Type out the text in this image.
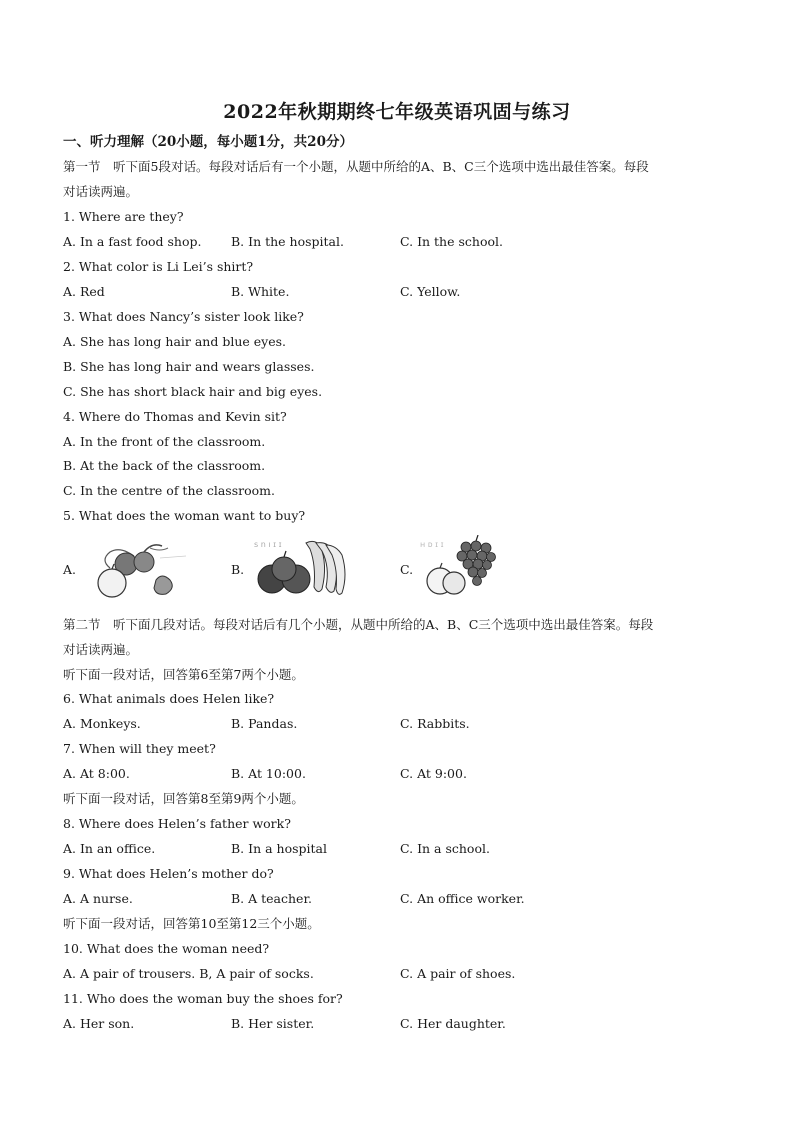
2022年秋期期终七年级英语巩固与练习
一、听力理解（20小题，每小题1分，共20分）
第一节　听下面5段对话。每段对话后有一个小题，从题中所给的A、B、C三个选项中选出最佳答案。每段
对话读两遍。
1. Where are they?
A. In a fast food shop. B. In the hospital.	C. In the school.
2. What color is Li Lei’s shirt?
A. Red	B. White.	C. Yellow.
3. What does Nancy’s sister look like?
A. She has long hair and blue eyes.
B. She has long hair and wears glasses.
C. She has short black hair and big eyes.
4. Where do Thomas and Kevin sit?
A. In the front of the classroom.
B. At the back of the classroom.
C. In the centre of the classroom.
5. What does the woman want to buy?
A.	B.	C.
ꜱ n ı ɪ ɪ	ʜ ᴅ ɪ ɪ
第二节　听下面几段对话。每段对话后有几个小题，从题中所给的A、B、C三个选项中选出最佳答案。每段
对话读两遍。
听下面一段对话，回答第6至第7两个小题。
6. What animals does Helen like?
A. Monkeys.	B. Pandas.	C. Rabbits.
7. When will they meet?
A. At 8:00.	B. At 10:00.	C. At 9:00.
听下面一段对话，回答第8至第9两个小题。
8. Where does Helen’s father work?
A. In an office.	B. In a hospital	C. In a school.
9. What does Helen’s mother do?
A. A nurse.	B. A teacher.	C. An office worker.
听下面一段对话，回答第10至第12三个小题。
10. What does the woman need?
A. A pair of trousers. B, A pair of socks.	C. A pair of shoes.
11. Who does the woman buy the shoes for?
A. Her son.	B. Her sister.	C. Her daughter.
